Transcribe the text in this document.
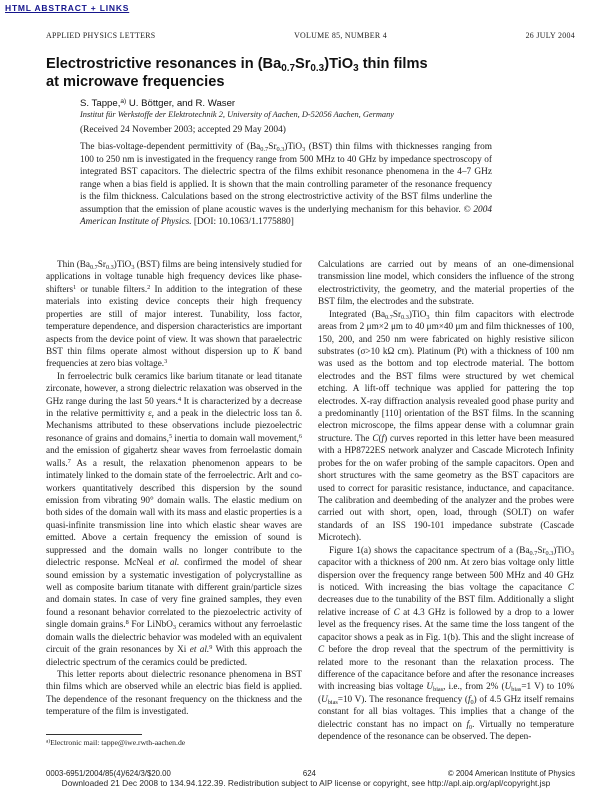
HTML ABSTRACT + LINKS
APPLIED PHYSICS LETTERS	VOLUME 85, NUMBER 4	26 JULY 2004
Electrostrictive resonances in $(Ba_{0.7}Sr_{0.3})TiO_3$ thin films
at microwave frequencies
S. Tappe,$^{a)}$ U. Böttger, and R. Waser
Institut für Werkstoffe der Elektrotechnik 2, University of Aachen, D-52056 Aachen, Germany
(Received 24 November 2003; accepted 29 May 2004)
The bias-voltage-dependent permittivity of $(Ba_{0.7}Sr_{0.3})TiO_3$ (BST) thin films with thicknesses ranging from 100 to 250 nm is investigated in the frequency range from 500 MHz to 40 GHz by impedance spectroscopy of integrated BST capacitors. The dielectric spectra of the films exhibit resonance phenomena in the 4–7 GHz range when a bias field is applied. It is shown that the main controlling parameter of the resonance frequency is the film thickness. Calculations based on the strong electrostrictive activity of the BST films underline the assumption that the emission of plane acoustic waves is the underlying mechanism for this behavior. © 2004 American Institute of Physics. [DOI: 10.1063/1.1775880]

Thin $(Ba_{0.7}Sr_{0.3})TiO_3$ (BST) films are being intensively studied for applications in voltage tunable high frequency devices like phase-shifters$^1$ or tunable filters.$^2$ In addition to the integration of these materials into existing device concepts their high frequency properties are still of major interest. Tunability, loss factor, temperature dependence, and dispersion characteristics are important aspects from the device point of view. It was shown that paraelectric BST thin films operate almost without dispersion up to K band frequencies at zero bias voltage.$^3$

In ferroelectric bulk ceramics like barium titanate or lead titanate zirconate, however, a strong dielectric relaxation was observed in the GHz range during the last 50 years.$^4$ It is characterized by a decrease in the relative permittivity $\varepsilon_r$ and a peak in the dielectric loss tan δ. Mechanisms attributed to these observations include piezoelectric resonance of grains and domains,$^5$ inertia to domain wall movement,$^6$ and the emission of gigahertz shear waves from ferroelastic domain walls.$^7$ As a result, the relaxation phenomenon appears to be intimately linked to the domain state of the ferroelectric. Arlt and co-workers quantitatively described this dispersion by the sound emission from vibrating 90° domain walls. The elastic medium on both sides of the domain wall with its mass and elastic properties is a quasi-infinite transmission line into which elastic shear waves are emitted. Above a certain frequency the emission of sound is suppressed and the domain walls no longer contribute to the dielectric response. McNeal et al. confirmed the model of shear sound emission by a systematic investigation of polycrystalline as well as composite barium titanate with different grain/particle sizes and domain states. In case of very fine grained samples, they even found a resonant behavior correlated to the piezoelectric activity of single domain grains.$^8$ For LiNbO$_3$ ceramics without any ferroelastic domain walls the dielectric behavior was modeled with an equivalent circuit of the grain resonances by Xi et al.$^9$ With this approach the dielectric spectrum of the ceramics could be predicted.

This letter reports about dielectric resonance phenomena in BST thin films which are observed while an electric bias field is applied. The dependence of the resonant frequency on the thickness and the temperature of the film is investigated.

Calculations are carried out by means of an one-dimensional transmission line model, which considers the influence of the strong electrostrictivity, the geometry, and the material properties of the BST film, the electrodes and the substrate.

Integrated $(Ba_{0.7}Sr_{0.3})TiO_3$ thin film capacitors with electrode areas from 2 μm×2 μm to 40 μm×40 μm and film thicknesses of 100, 150, 200, and 250 nm were fabricated on highly resistive silicon substrates (σ>10 kΩ cm). Platinum (Pt) with a thickness of 100 nm was used as the bottom and top electrode material. The bottom electrodes and the BST films were structured by wet chemical etching. A lift-off technique was applied for pattering the top electrodes. X-ray diffraction analysis revealed good phase purity and a predominantly [110] orientation of the BST films. In the scanning electron microscope, the films appear dense with a columnar grain structure. The C(f) curves reported in this letter have been measured with a HP8722ES network analyzer and Cascade Microtech Infinity probes for the on wafer probing of the sample capacitors. Open and short structures with the same geometry as the BST capacitors are used to correct for parasitic resistance, inductance, and capacitance. The calibration and deembeding of the analyzer and the probes were carried out with short, open, load, through (SOLT) on wafer standards of an ISS 190-101 impedance substrate (Cascade Microtech).

Figure 1(a) shows the capacitance spectrum of a $(Ba_{0.7}Sr_{0.3})TiO_3$ capacitor with a thickness of 200 nm. At zero bias voltage only little dispersion over the frequency range between 500 MHz and 40 GHz is noticed. With increasing the bias voltage the capacitance C decreases due to the tunability of the BST film. Additionally a slight relative increase of C at 4.3 GHz is followed by a drop to a lower level as the frequency rises. At the same time the loss tangent of the capacitor shows a peak as in Fig. 1(b). This and the slight increase of C before the drop reveal that the spectrum of the permittivity is related more to the resonant than the relaxation process. The difference of the capacitance before and after the resonance increases with increasing bias voltage $U_{bias}$, i.e., from 2% ($U_{bias}=1$ V) to 10% ($U_{bias}=10$ V). The resonance frequency $(f_0)$ of 4.5 GHz itself remains constant for all bias voltages. This implies that a change of the dielectric constant has no impact on $f_0$. Virtually no temperature dependence of the resonance can be observed. The depen-

$^{a)}$Electronic mail: tappe@iwe.rwth-aachen.de
0003-6951/2004/85(4)/624/3/$20.00	624	© 2004 American Institute of Physics
Downloaded 21 Dec 2008 to 134.94.122.39. Redistribution subject to AIP license or copyright, see http://apl.aip.org/apl/copyright.jsp
